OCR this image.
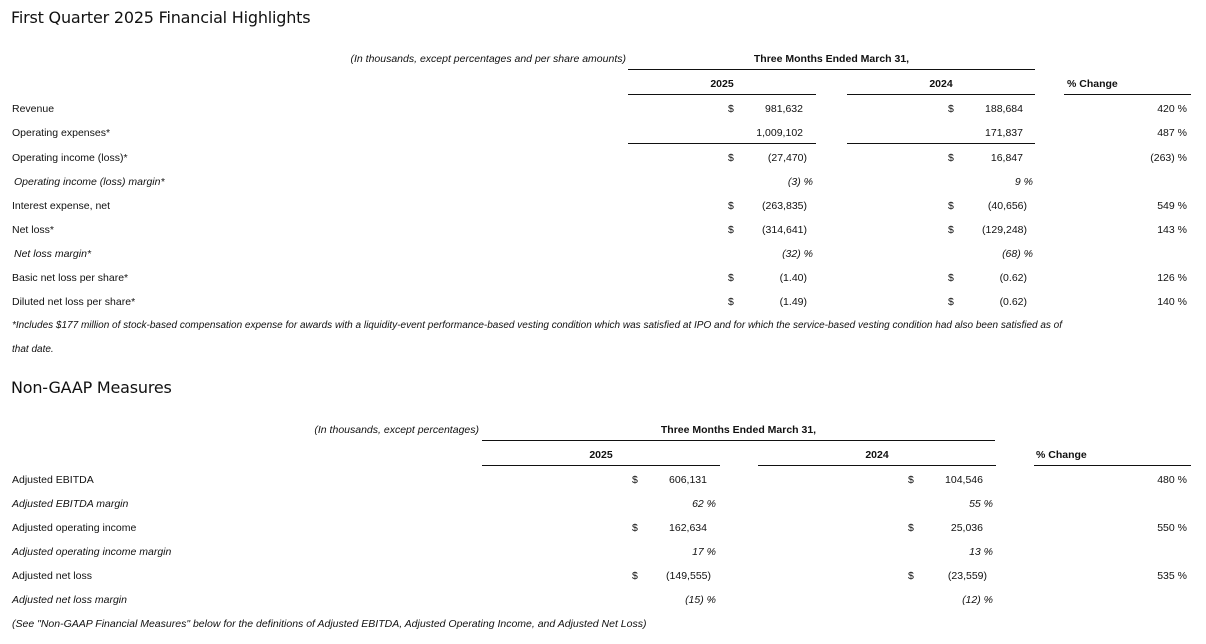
First Quarter 2025 Financial Highlights
(In thousands, except percentages and per share amounts)	Three Months Ended March 31,
2025	2024	% Change
Revenue	$	981,632	$	188,684	420 %
Operating expenses*	1,009,102	171,837	487 %
Operating income (loss)*	$	(27,470)	$	16,847	(263) %
Operating income (loss) margin*	(3) %	9 %
Interest expense, net	$	(263,835)	$	(40,656)	549 %
Net loss*	$	(314,641)	$	(129,248)	143 %
Net loss margin*	(32) %	(68) %
Basic net loss per share*	$	(1.40)	$	(0.62)	126 %
Diluted net loss per share*	$	(1.49)	$	(0.62)	140 %
*Includes $177 million of stock-based compensation expense for awards with a liquidity-event performance-based vesting condition which was satisfied at IPO and for which the service-based vesting condition had also been satisfied as of
that date.
Non-GAAP Measures
(In thousands, except percentages)	Three Months Ended March 31,
2025	2024	% Change
Adjusted EBITDA	$	606,131	$	104,546	480 %
Adjusted EBITDA margin	62 %	55 %
Adjusted operating income	$	162,634	$	25,036	550 %
Adjusted operating income margin	17 %	13 %
Adjusted net loss	$	(149,555)	$	(23,559)	535 %
Adjusted net loss margin	(15) %	(12) %
(See "Non-GAAP Financial Measures" below for the definitions of Adjusted EBITDA, Adjusted Operating Income, and Adjusted Net Loss)
